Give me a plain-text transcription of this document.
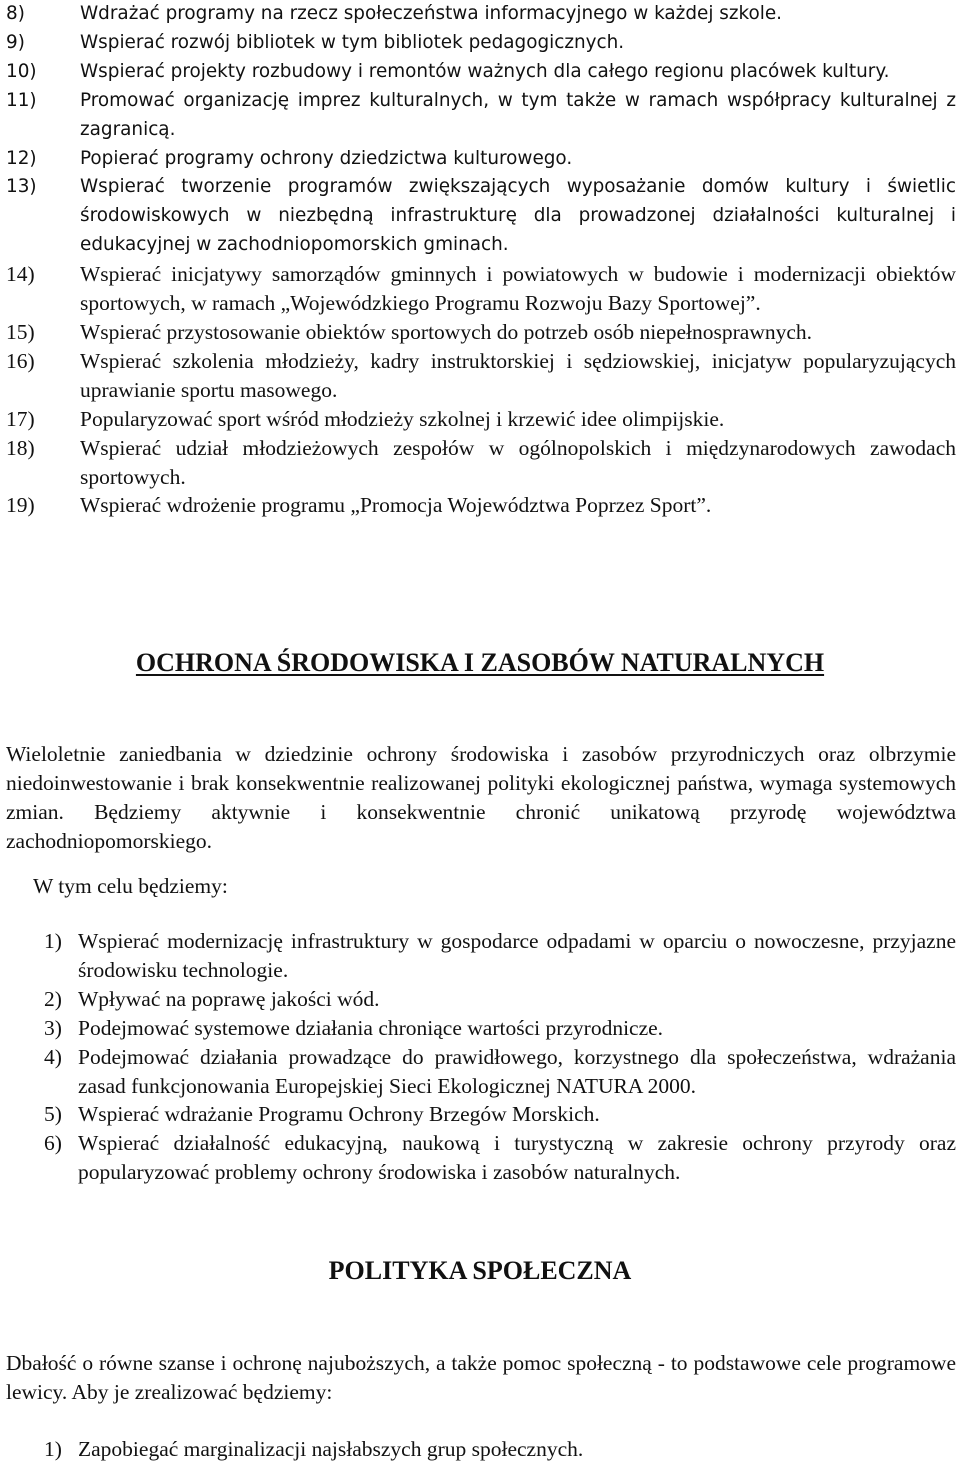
8)	Wdrażać programy na rzecz społeczeństwa informacyjnego w każdej szkole.
9)	Wspierać rozwój bibliotek w tym bibliotek pedagogicznych.
10) Wspierać projekty rozbudowy i remontów ważnych dla całego regionu placówek kultury.
11) Promować organizację imprez kulturalnych, w tym także w ramach współpracy kulturalnej z zagranicą.
12) Popierać programy ochrony dziedzictwa kulturowego.
13) Wspierać tworzenie programów zwiększających wyposażanie domów kultury i świetlic środowiskowych w niezbędną infrastrukturę dla prowadzonej działalności kulturalnej i edukacyjnej w zachodniopomorskich gminach.
14) Wspierać inicjatywy samorządów gminnych i powiatowych w budowie i modernizacji obiektów sportowych, w ramach „Wojewódzkiego Programu Rozwoju Bazy Sportowej”.
15) Wspierać przystosowanie obiektów sportowych do potrzeb osób niepełnosprawnych.
16) Wspierać szkolenia młodzieży, kadry instruktorskiej i sędziowskiej, inicjatyw popularyzujących uprawianie sportu masowego.
17) Popularyzować sport wśród młodzieży szkolnej i krzewić idee olimpijskie.
18) Wspierać udział młodzieżowych zespołów w ogólnopolskich i międzynarodowych zawodach sportowych.
19) Wspierać wdrożenie programu „Promocja Województwa Poprzez Sport”.
OCHRONA ŚRODOWISKA I ZASOBÓW NATURALNYCH

Wieloletnie zaniedbania w dziedzinie ochrony środowiska i zasobów przyrodniczych oraz olbrzymie niedoinwestowanie i brak konsekwentnie realizowanej polityki ekologicznej państwa, wymaga systemowych zmian. Będziemy aktywnie i konsekwentnie chronić unikatową przyrodę województwa zachodniopomorskiego.

W tym celu będziemy:

1) Wspierać modernizację infrastruktury w gospodarce odpadami w oparciu o nowoczesne, przyjazne środowisku technologie.
2) Wpływać na poprawę jakości wód.
3) Podejmować systemowe działania chroniące wartości przyrodnicze.
4) Podejmować działania prowadzące do prawidłowego, korzystnego dla społeczeństwa, wdrażania zasad funkcjonowania Europejskiej Sieci Ekologicznej NATURA 2000.
5) Wspierać wdrażanie Programu Ochrony Brzegów Morskich.
6) Wspierać działalność edukacyjną, naukową i turystyczną w zakresie ochrony przyrody oraz popularyzować problemy ochrony środowiska i zasobów naturalnych.
POLITYKA SPOŁECZNA

Dbałość o równe szanse i ochronę najuboższych, a także pomoc społeczną - to podstawowe cele programowe lewicy. Aby je zrealizować będziemy:

1) Zapobiegać marginalizacji najsłabszych grup społecznych.
